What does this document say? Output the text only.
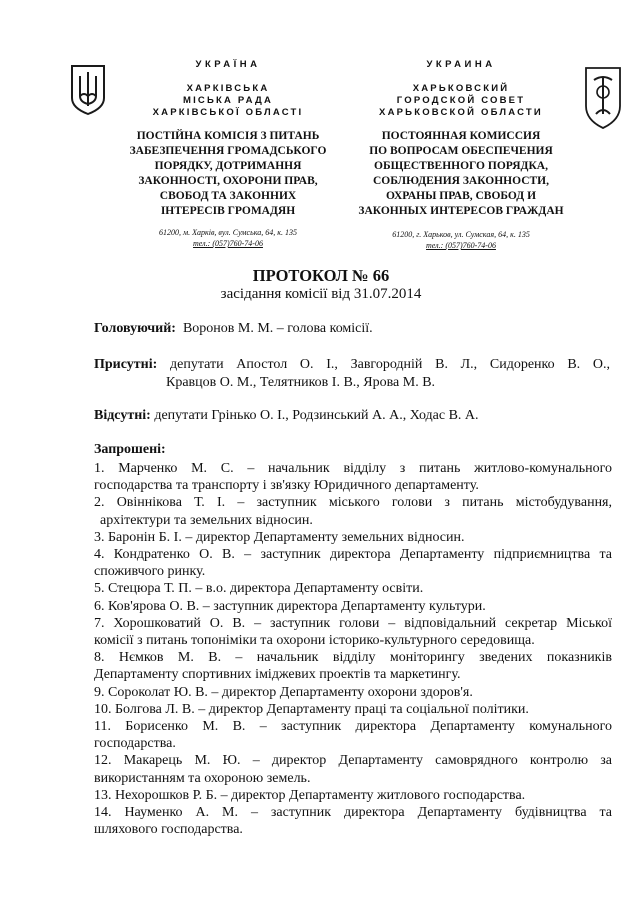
УКРАЇНА
ХАРКІВСЬКА
МІСЬКА РАДА
ХАРКІВСЬКОЇ ОБЛАСТІ
ПОСТІЙНА КОМІСІЯ З ПИТАНЬ
ЗАБЕЗПЕЧЕННЯ ГРОМАДСЬКОГО
ПОРЯДКУ, ДОТРИМАННЯ
ЗАКОННОСТІ, ОХОРОНИ ПРАВ,
СВОБОД ТА ЗАКОННИХ
ІНТЕРЕСІВ ГРОМАДЯН
61200, м. Харків, вул. Сумська, 64, к. 135
тел.: (057)760-74-06
УКРАИНА
ХАРЬКОВСКИЙ
ГОРОДСКОЙ СОВЕТ
ХАРЬКОВСКОЙ ОБЛАСТИ
ПОСТОЯННАЯ КОМИССИЯ
ПО ВОПРОСАМ ОБЕСПЕЧЕНИЯ
ОБЩЕСТВЕННОГО ПОРЯДКА,
СОБЛЮДЕНИЯ ЗАКОННОСТИ,
ОХРАНЫ ПРАВ, СВОБОД И
ЗАКОННЫХ ИНТЕРЕСОВ ГРАЖДАН
61200, г. Харьков, ул. Сумская, 64, к. 135
тел.: (057)760-74-06
ПРОТОКОЛ № 66
засідання комісії від 31.07.2014
Головуючий: Воронов М. М. – голова комісії.
Присутні: депутати Апостол О. І., Завгородній В. Л., Сидоренко В. О.,
Кравцов О. М., Телятников І. В., Ярова М. В.
Відсутні: депутати Грінько О. І., Родзинський А. А., Ходас В. А.
Запрошені:
1. Марченко М. С. – начальник відділу з питань житлово-комунального
господарства та транспорту і зв'язку Юридичного департаменту.
2. Овіннікова Т. І. – заступник міського голови з питань містобудування,
архітектури та земельних відносин.
3. Баронін Б. І. – директор Департаменту земельних відносин.
4. Кондратенко О. В. – заступник директора Департаменту підприємництва та
споживчого ринку.
5. Стецюра Т. П. – в.о. директора Департаменту освіти.
6. Ков'ярова О. В. – заступник директора Департаменту культури.
7. Хорошковатий О. В. – заступник голови – відповідальний секретар Міської
комісії з питань топоніміки та охорони історико-культурного середовища.
8. Нємков М. В. – начальник відділу моніторингу зведених показників
Департаменту спортивних іміджевих проектів та маркетингу.
9. Сороколат Ю. В. – директор Департаменту охорони здоров'я.
10. Болгова Л. В. – директор Департаменту праці та соціальної політики.
11. Борисенко М. В. – заступник директора Департаменту комунального
господарства.
12. Макарець М. Ю. – директор Департаменту самоврядного контролю за
використанням та охороною земель.
13. Нехорошков Р. Б. – директор Департаменту житлового господарства.
14. Науменко А. М. – заступник директора Департаменту будівництва та
шляхового господарства.
